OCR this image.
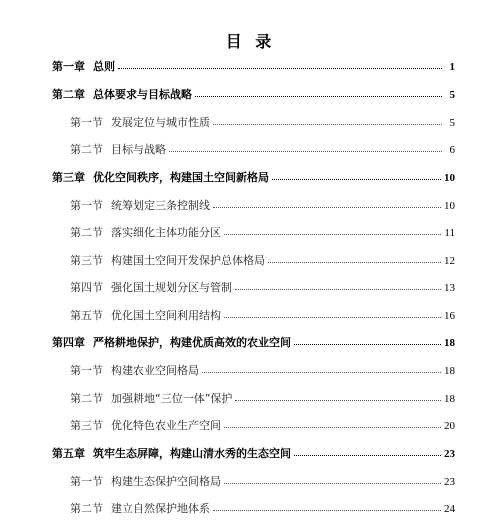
目 录
第一章 总则	1
第二章 总体要求与目标战略	5
第一节 发展定位与城市性质	5
第二节 目标与战略	6
第三章 优化空间秩序，构建国土空间新格局	10
第一节 统筹划定三条控制线	10
第二节 落实细化主体功能分区	11
第三节 构建国土空间开发保护总体格局	12
第四节 强化国土规划分区与管制	13
第五节 优化国土空间利用结构	16
第四章 严格耕地保护，构建优质高效的农业空间	18
第一节 构建农业空间格局	18
第二节 加强耕地“三位一体”保护	18
第三节 优化特色农业生产空间	20
第五章 筑牢生态屏障，构建山清水秀的生态空间	23
第一节 构建生态保护空间格局	23
第二节 建立自然保护地体系	24
